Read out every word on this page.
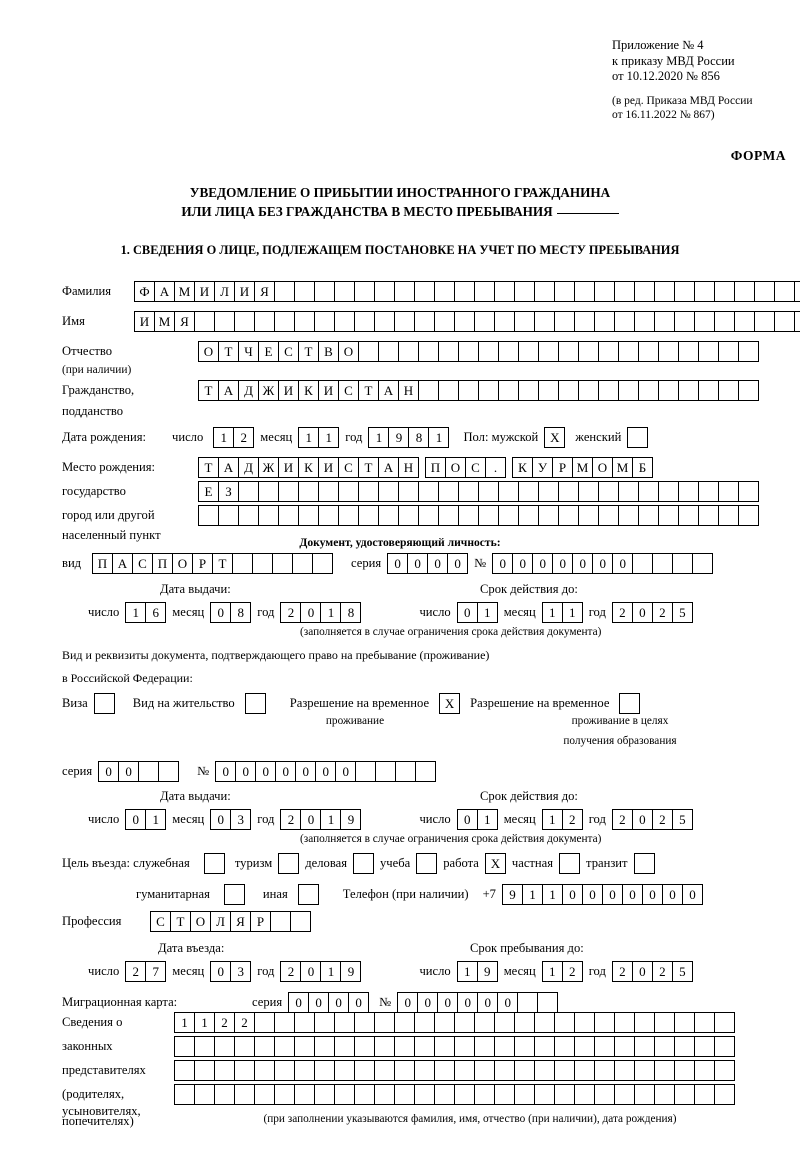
Приложение № 4
к приказу МВД России
от 10.12.2020 № 856
(в ред. Приказа МВД России
от 16.11.2022 № 867)
ФОРМА
УВЕДОМЛЕНИЕ О ПРИБЫТИИ ИНОСТРАННОГО ГРАЖДАНИНА
ИЛИ ЛИЦА БЕЗ ГРАЖДАНСТВА В МЕСТО ПРЕБЫВАНИЯ
1. СВЕДЕНИЯ О ЛИЦЕ, ПОДЛЕЖАЩЕМ ПОСТАНОВКЕ НА УЧЕТ ПО МЕСТУ ПРЕБЫВАНИЯ
Фамилия	Ф А М И Л И Я
Имя	И М Я
Отчество	О Т Ч Е С Т В О
(при наличии)
Гражданство,	Т А Д Ж И К И С Т А Н
подданство
Дата рождения:	число	1	2	месяц	1	1	год	1	9	8	1	Пол: мужской X	женский
Место рождения:	Т А Д Ж И К И С Т А Н	П О С	.	К У Р М О М Б
государство	Е З
город или другой
населенный пункт
Документ, удостоверяющий личность:
вид	П А С П О Р Т	серия	0	0	0	0	№	0	0	0	0	0	0	0
Дата выдачи:	Срок действия до:
число	1	6	месяц	0	8	год	2	0	1	8	число	0	1	месяц	1	1	год	2	0	2	5
(заполняется в случае ограничения срока действия документа)
Вид и реквизиты документа, подтверждающего право на пребывание (проживание)
в Российской Федерации:
Виза	Вид на жительство	Разрешение на временное	X	Разрешение на временное
проживание	проживание в целях
получения образования
серия	0	0	№	0	0	0	0	0	0	0
Дата выдачи:	Срок действия до:
число	0	1	месяц	0	3	год	2	0	1	9	число	0	1	месяц	1	2	год	2	0	2	5
(заполняется в случае ограничения срока действия документа)
Цель въезда: служебная	туризм	деловая	учеба	работа X частная	транзит
гуманитарная	иная	Телефон (при наличии) +7	9	1	1	0	0	0	0	0	0	0
Профессия	С Т О Л Я Р
Дата въезда:	Срок пребывания до:
число	2	7	месяц	0	3	год	2	0	1	9	число	1	9	месяц	1	2	год	2	0	2	5
Миграционная карта:	серия	0	0	0	0	№	0	0	0	0	0	0
Сведения о	1	1	2	2
законных
представителях
(родителях,
усыновителях,
попечителях)	(при заполнении указываются фамилия, имя, отчество (при наличии), дата рождения)
